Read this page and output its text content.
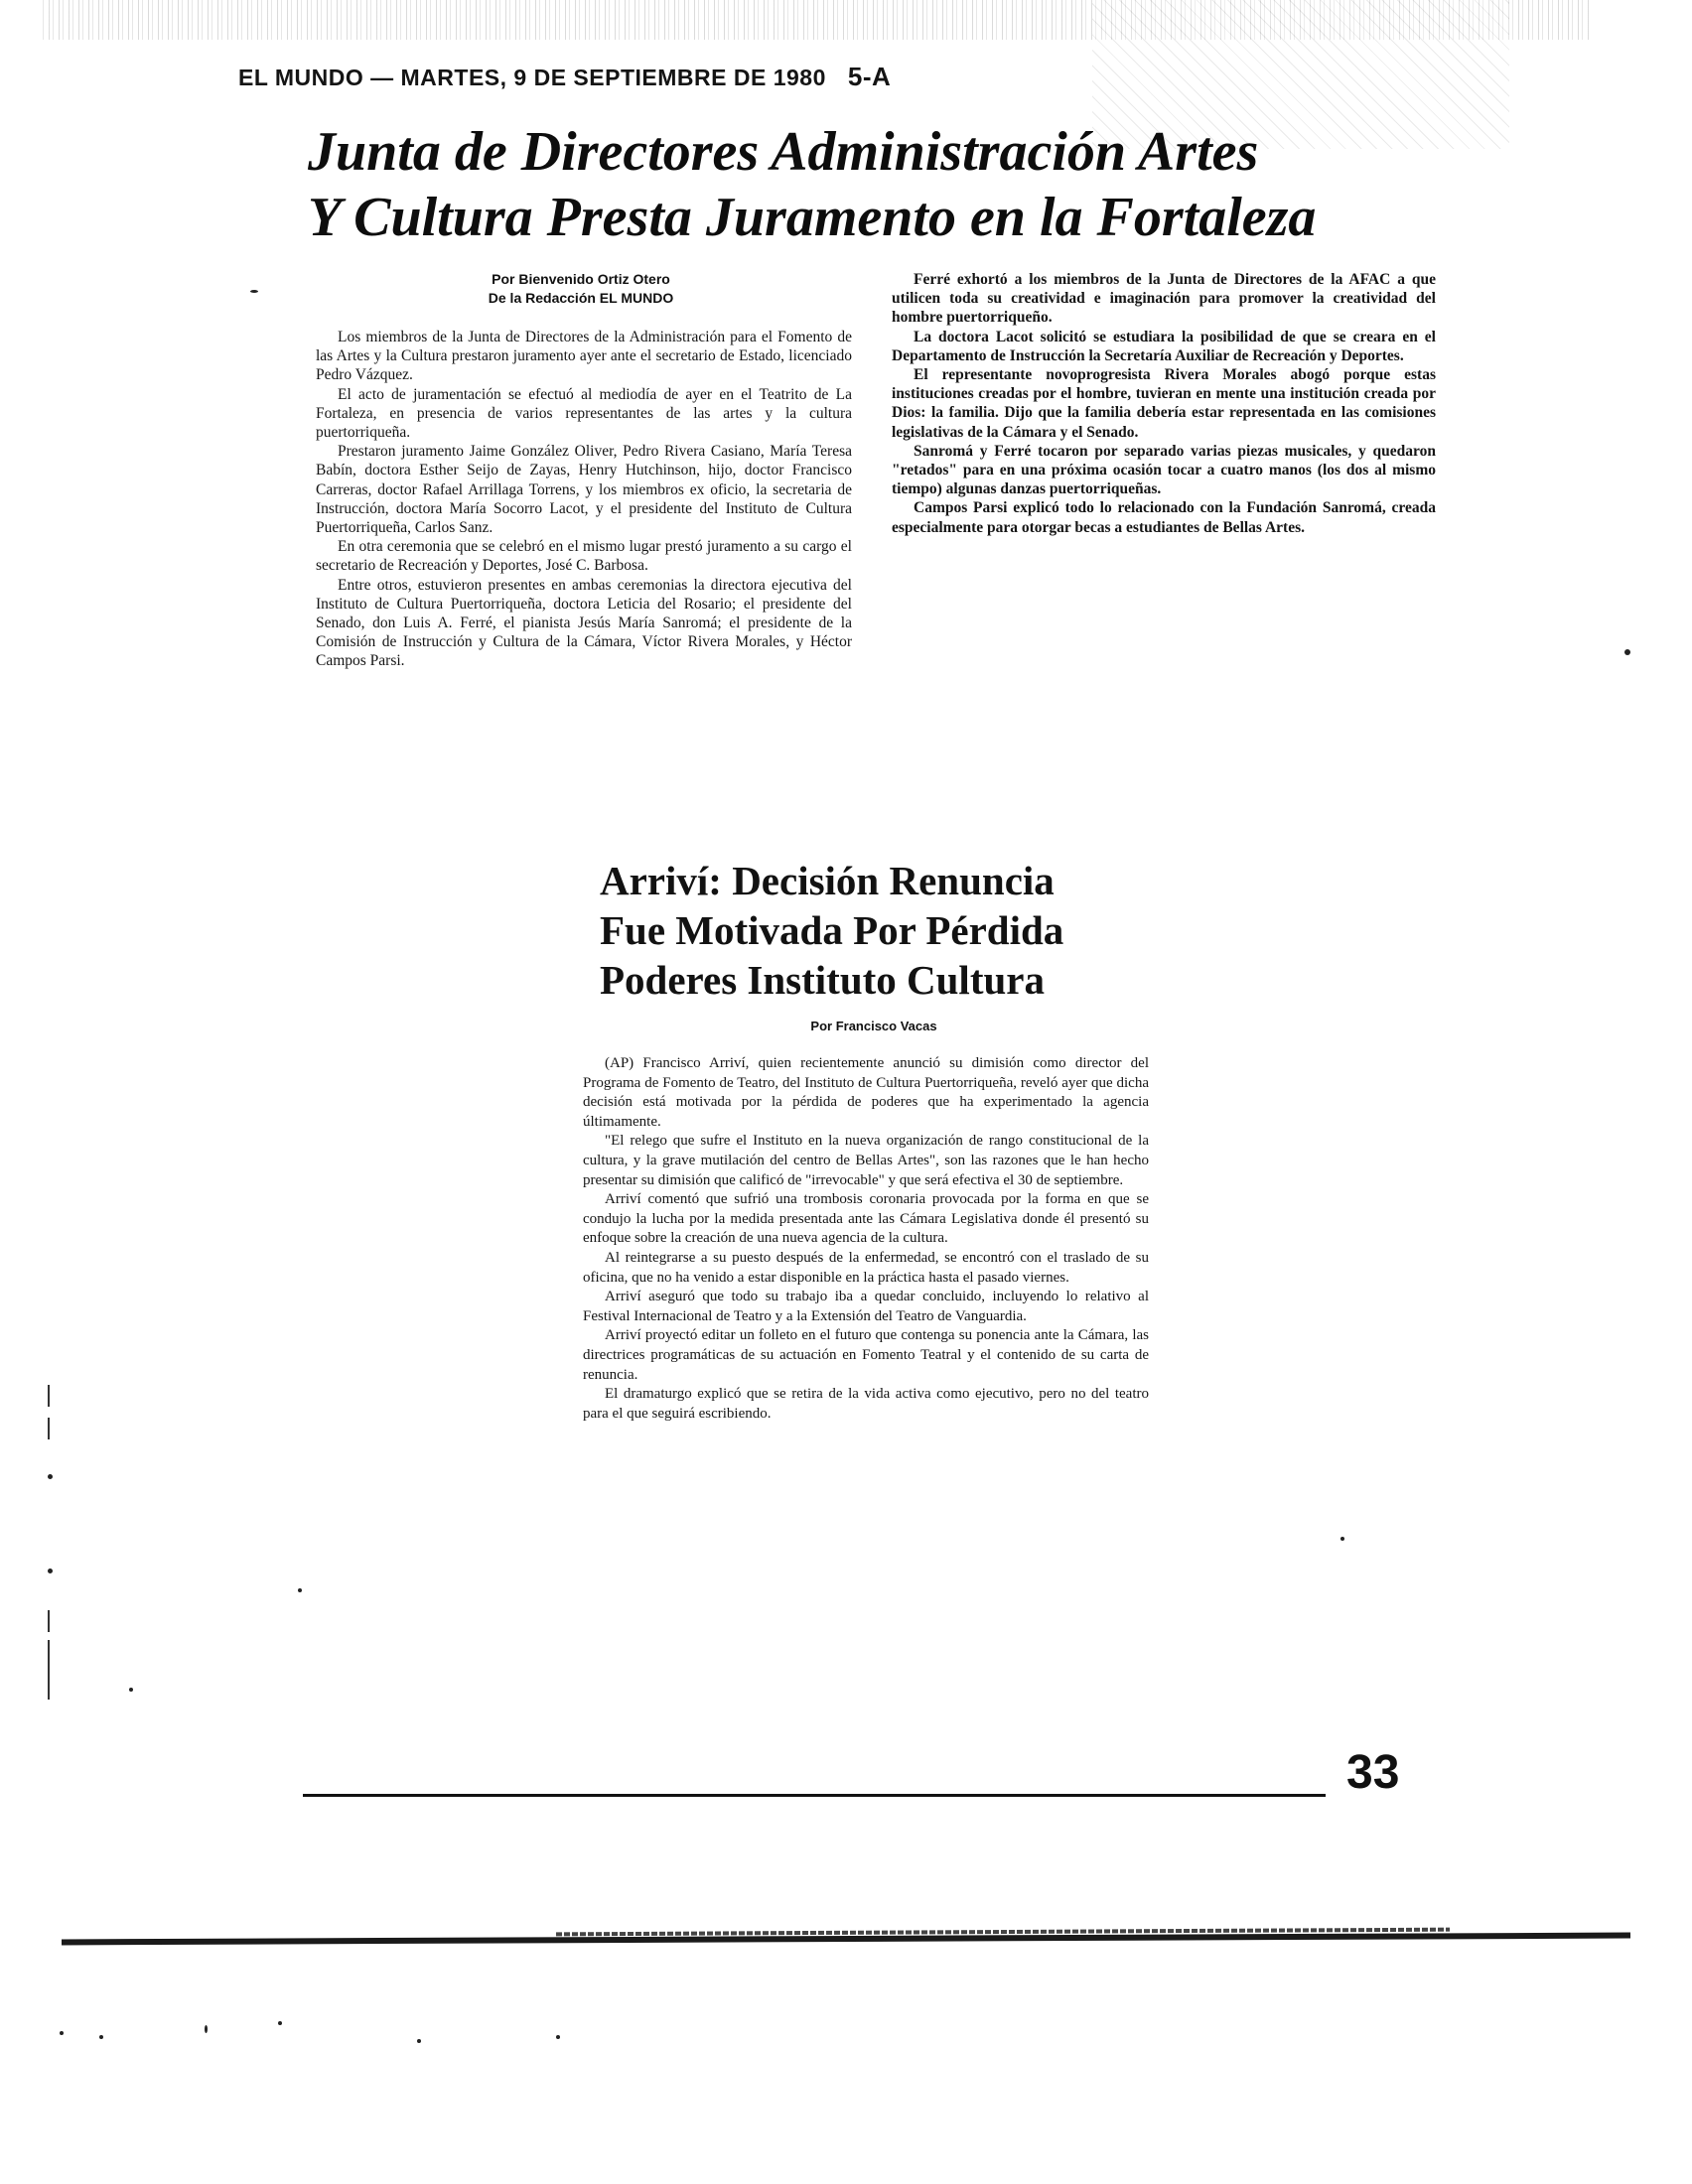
EL MUNDO — MARTES, 9 DE SEPTIEMBRE DE 1980 5-A
Junta de Directores Administración Artes
Y Cultura Presta Juramento en la Fortaleza
Por Bienvenido Ortiz Otero
De la Redacción EL MUNDO

Los miembros de la Junta de Directores de la Administración para el Fomento de las Artes y la Cultura prestaron juramento ayer ante el secretario de Estado, licenciado Pedro Vázquez.

El acto de juramentación se efectuó al mediodía de ayer en el Teatrito de La Fortaleza, en presencia de varios representantes de las artes y la cultura puertorriqueña.

Prestaron juramento Jaime González Oliver, Pedro Rivera Casiano, María Teresa Babín, doctora Esther Seijo de Zayas, Henry Hutchinson, hijo, doctor Francisco Carreras, doctor Rafael Arrillaga Torrens, y los miembros ex oficio, la secretaria de Instrucción, doctora María Socorro Lacot, y el presidente del Instituto de Cultura Puertorriqueña, Carlos Sanz.

En otra ceremonia que se celebró en el mismo lugar prestó juramento a su cargo el secretario de Recreación y Deportes, José C. Barbosa.

Entre otros, estuvieron presentes en ambas ceremonias la directora ejecutiva del Instituto de Cultura Puertorriqueña, doctora Leticia del Rosario; el presidente del Senado, don Luis A. Ferré, el pianista Jesús María Sanromá; el presidente de la Comisión de Instrucción y Cultura de la Cámara, Víctor Rivera Morales, y Héctor Campos Parsi.

Ferré exhortó a los miembros de la Junta de Directores de la AFAC a que utilicen toda su creatividad e imaginación para promover la creatividad del hombre puertorriqueño.

La doctora Lacot solicitó se estudiara la posibilidad de que se creara en el Departamento de Instrucción la Secretaría Auxiliar de Recreación y Deportes.

El representante novoprogresista Rivera Morales abogó porque estas instituciones creadas por el hombre, tuvieran en mente una institución creada por Dios: la familia. Dijo que la familia debería estar representada en las comisiones legislativas de la Cámara y el Senado.

Sanromá y Ferré tocaron por separado varias piezas musicales, y quedaron "retados" para en una próxima ocasión tocar a cuatro manos (los dos al mismo tiempo) algunas danzas puertorriqueñas.

Campos Parsi explicó todo lo relacionado con la Fundación Sanromá, creada especialmente para otorgar becas a estudiantes de Bellas Artes.

Arriví: Decisión Renuncia
Fue Motivada Por Pérdida
Poderes Instituto Cultura
Por Francisco Vacas

(AP) Francisco Arriví, quien recientemente anunció su dimisión como director del Programa de Fomento de Teatro, del Instituto de Cultura Puertorriqueña, reveló ayer que dicha decisión está motivada por la pérdida de poderes que ha experimentado la agencia últimamente.

"El relego que sufre el Instituto en la nueva organización de rango constitucional de la cultura, y la grave mutilación del centro de Bellas Artes", son las razones que le han hecho presentar su dimisión que calificó de "irrevocable" y que será efectiva el 30 de septiembre.

Arriví comentó que sufrió una trombosis coronaria provocada por la forma en que se condujo la lucha por la medida presentada ante las Cámara Legislativa donde él presentó su enfoque sobre la creación de una nueva agencia de la cultura.

Al reintegrarse a su puesto después de la enfermedad, se encontró con el traslado de su oficina, que no ha venido a estar disponible en la práctica hasta el pasado viernes.

Arriví aseguró que todo su trabajo iba a quedar concluido, incluyendo lo relativo al Festival Internacional de Teatro y a la Extensión del Teatro de Vanguardia.

Arriví proyectó editar un folleto en el futuro que contenga su ponencia ante la Cámara, las directrices programáticas de su actuación en Fomento Teatral y el contenido de su carta de renuncia.

El dramaturgo explicó que se retira de la vida activa como ejecutivo, pero no del teatro para el que seguirá escribiendo.

33
